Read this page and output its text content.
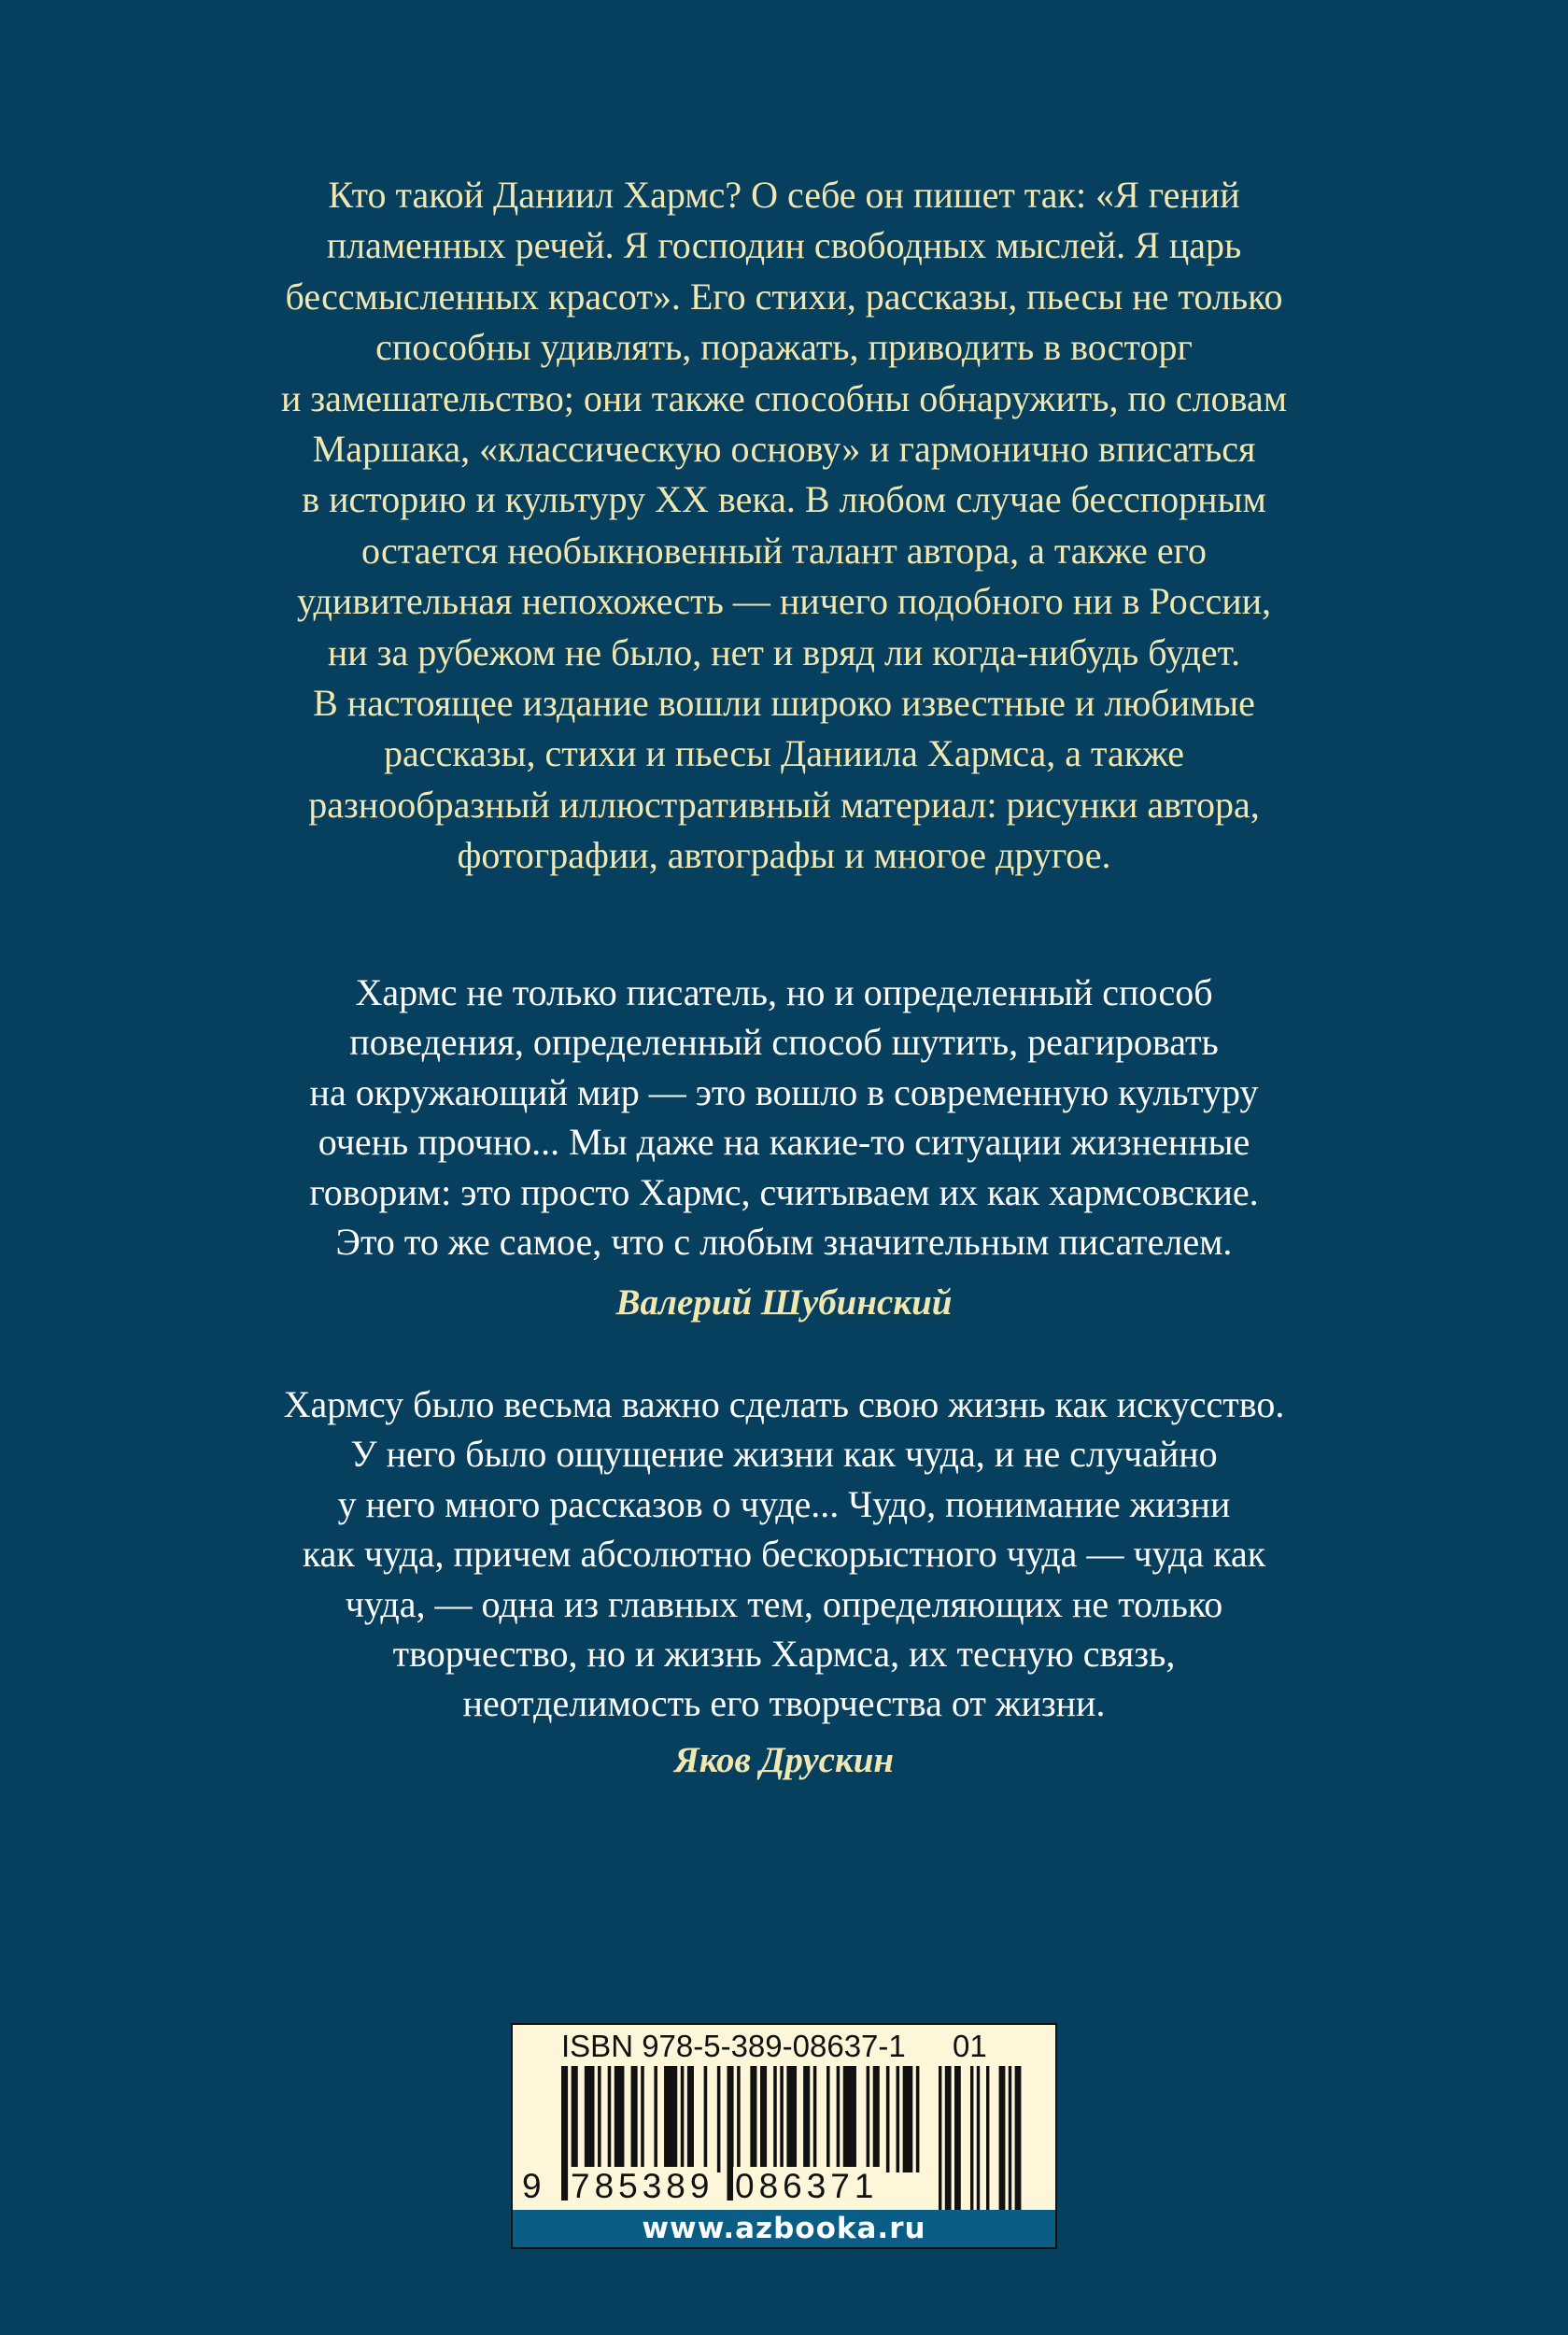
Кто такой Даниил Хармс? О себе он пишет так: «Я гений
пламенных речей. Я господин свободных мыслей. Я царь
бессмысленных красот». Его стихи, рассказы, пьесы не только
способны удивлять, поражать, приводить в восторг
и замешательство; они также способны обнаружить, по словам
Маршака, «классическую основу» и гармонично вписаться
в историю и культуру XX века. В любом случае бесспорным
остается необыкновенный талант автора, а также его
удивительная непохожесть — ничего подобного ни в России,
ни за рубежом не было, нет и вряд ли когда-нибудь будет.
В настоящее издание вошли широко известные и любимые
рассказы, стихи и пьесы Даниила Хармса, а также
разнообразный иллюстративный материал: рисунки автора,
фотографии, автографы и многое другое.
Хармс не только писатель, но и определенный способ
поведения, определенный способ шутить, реагировать
на окружающий мир — это вошло в современную культуру
очень прочно... Мы даже на какие-то ситуации жизненные
говорим: это просто Хармс, считываем их как хармсовские.
Это то же самое, что с любым значительным писателем.
Валерий Шубинский
Хармсу было весьма важно сделать свою жизнь как искусство.
У него было ощущение жизни как чуда, и не случайно
у него много рассказов о чуде... Чудо, понимание жизни
как чуда, причем абсолютно бескорыстного чуда — чуда как
чуда, — одна из главных тем, определяющих не только
творчество, но и жизнь Хармса, их тесную связь,
неотделимость его творчества от жизни.
Яков Друскин
ISBN 978-5-389-08637-1 01
9 785389 086371
www.azbooka.ru
